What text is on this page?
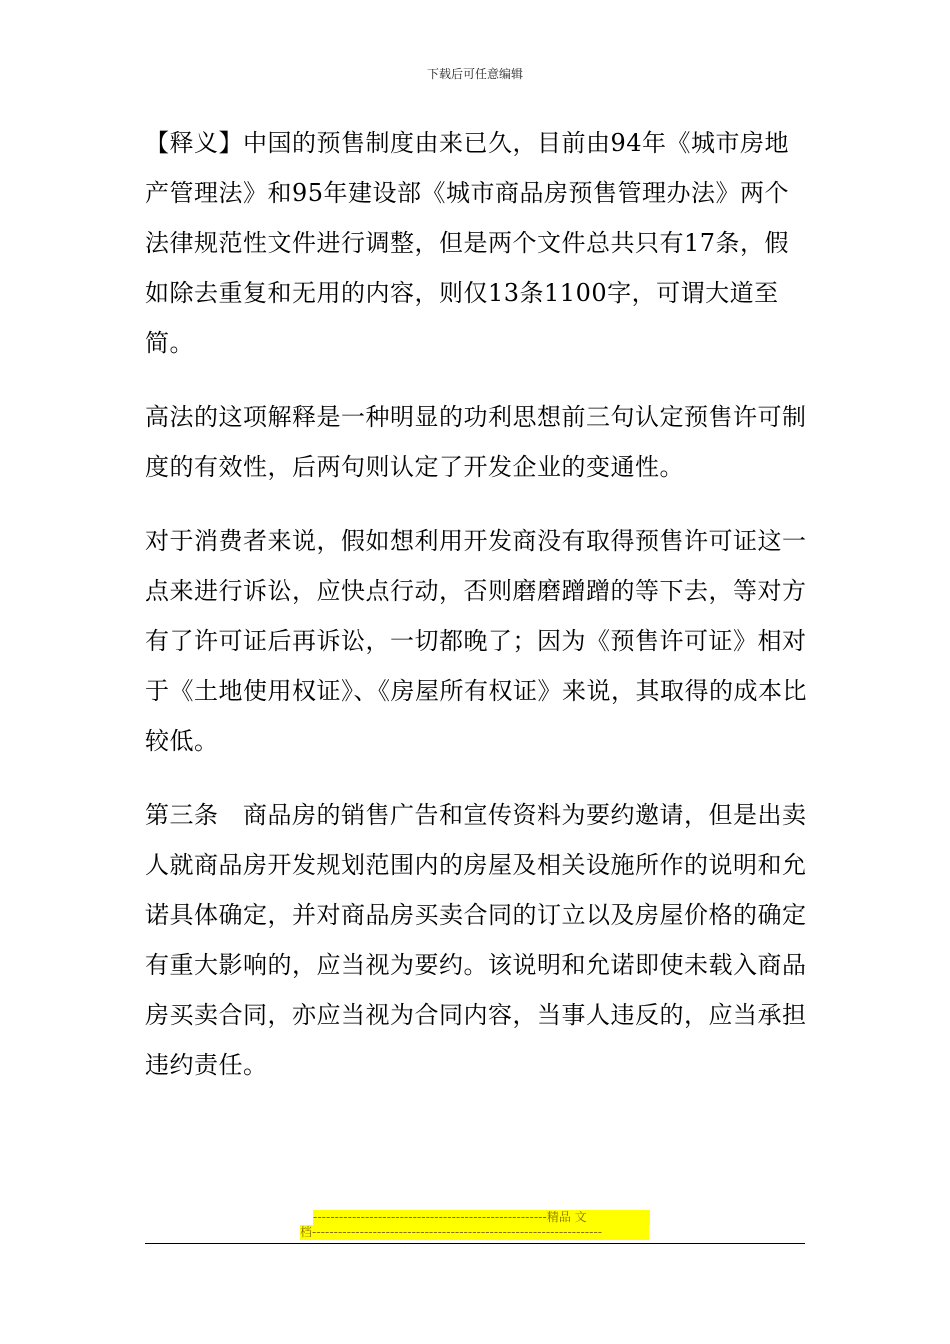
下载后可任意编辑

【释义】中国的预售制度由来已久，目前由94年《城市房地产管理法》和95年建设部《城市商品房预售管理办法》两个法律规范性文件进行调整，但是两个文件总共只有17条，假如除去重复和无用的内容，则仅13条1100字，可谓大道至简。

高法的这项解释是一种明显的功利思想前三句认定预售许可制度的有效性，后两句则认定了开发企业的变通性。

对于消费者来说，假如想利用开发商没有取得预售许可证这一点来进行诉讼，应快点行动，否则磨磨蹭蹭的等下去，等对方有了许可证后再诉讼，一切都晚了；因为《预售许可证》相对于《土地使用权证》、《房屋所有权证》来说，其取得的成本比较低。

第三条　商品房的销售广告和宣传资料为要约邀请，但是出卖人就商品房开发规划范围内的房屋及相关设施所作的说明和允诺具体确定，并对商品房买卖合同的订立以及房屋价格的确定有重大影响的，应当视为要约。该说明和允诺即使未载入商品房买卖合同，亦应当视为合同内容，当事人违反的，应当承担违约责任。

------------------------------------------------------精品 文
档-------------------------------------------------------------------
